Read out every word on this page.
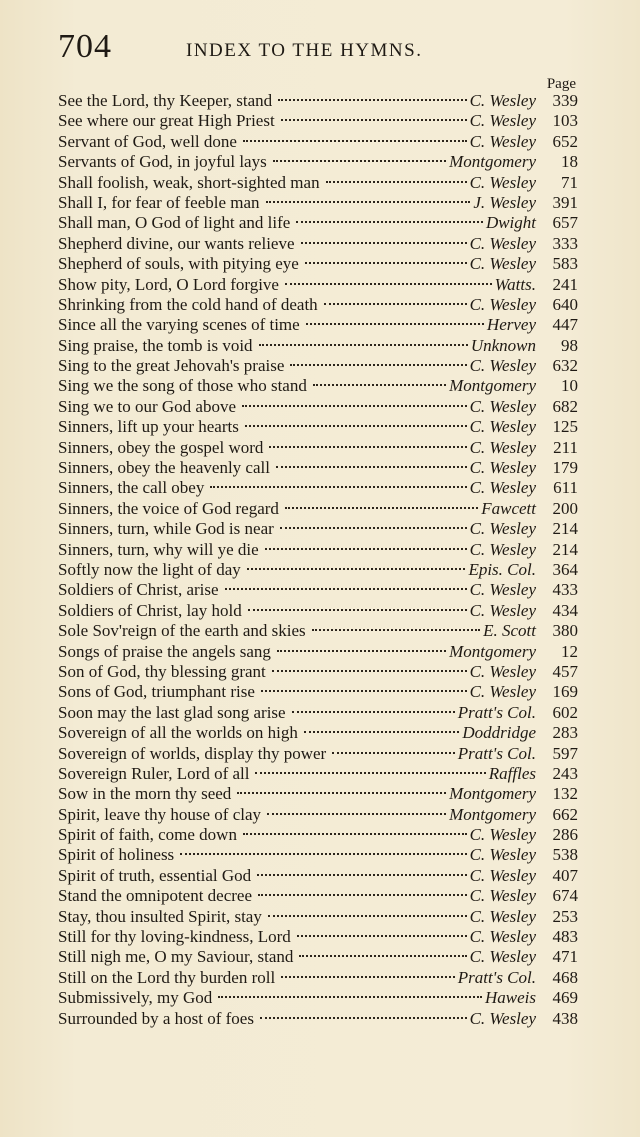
704	INDEX TO THE HYMNS.
Page
See the Lord, thy Keeper, stand	C. Wesley 339
See where our great High Priest	C. Wesley 103
Servant of God, well done	C. Wesley 652
Servants of God, in joyful lays	Montgomery	18
Shall foolish, weak, short-sighted man	C. Wesley	71
Shall I, for fear of feeble man	J. Wesley 391
Shall man, O God of light and life	Dwight 657
Shepherd divine, our wants relieve	C. Wesley 333
Shepherd of souls, with pitying eye	C. Wesley 583
Show pity, Lord, O Lord forgive	Watts. 241
Shrinking from the cold hand of death	C. Wesley 640
Since all the varying scenes of time	Hervey 447
Sing praise, the tomb is void	Unknown	98
Sing to the great Jehovah's praise	C. Wesley 632
Sing we the song of those who stand	Montgomery	10
Sing we to our God above	C. Wesley 682
Sinners, lift up your hearts	C. Wesley 125
Sinners, obey the gospel word	C. Wesley	211
Sinners, obey the heavenly call	C. Wesley 179
Sinners, the call obey	C. Wesley	611
Sinners, the voice of God regard	Fawcett 200
Sinners, turn, while God is near	C. Wesley 214
Sinners, turn, why will ye die	C. Wesley 214
Softly now the light of day	Epis. Col. 364
Soldiers of Christ, arise	C. Wesley 433
Soldiers of Christ, lay hold	C. Wesley 434
Sole Sov'reign of the earth and skies	E. Scott 380
Songs of praise the angels sang	Montgomery	12
Son of God, thy blessing grant	C. Wesley 457
Sons of God, triumphant rise	C. Wesley 169
Soon may the last glad song arise	Pratt's Col. 602
Sovereign of all the worlds on high	Doddridge 283
Sovereign of worlds, display thy power	Pratt's Col. 597
Sovereign Ruler, Lord of all	Raffles 243
Sow in the morn thy seed	Montgomery 132
Spirit, leave thy house of clay	Montgomery 662
Spirit of faith, come down	C. Wesley 286
Spirit of holiness	C. Wesley 538
Spirit of truth, essential God	C. Wesley 407
Stand the omnipotent decree	C. Wesley 674
Stay, thou insulted Spirit, stay	C. Wesley 253
Still for thy loving-kindness, Lord	C. Wesley 483
Still nigh me, O my Saviour, stand	C. Wesley 471
Still on the Lord thy burden roll	Pratt's Col. 468
Submissively, my God	Haweis 469
Surrounded by a host of foes	C. Wesley 438
